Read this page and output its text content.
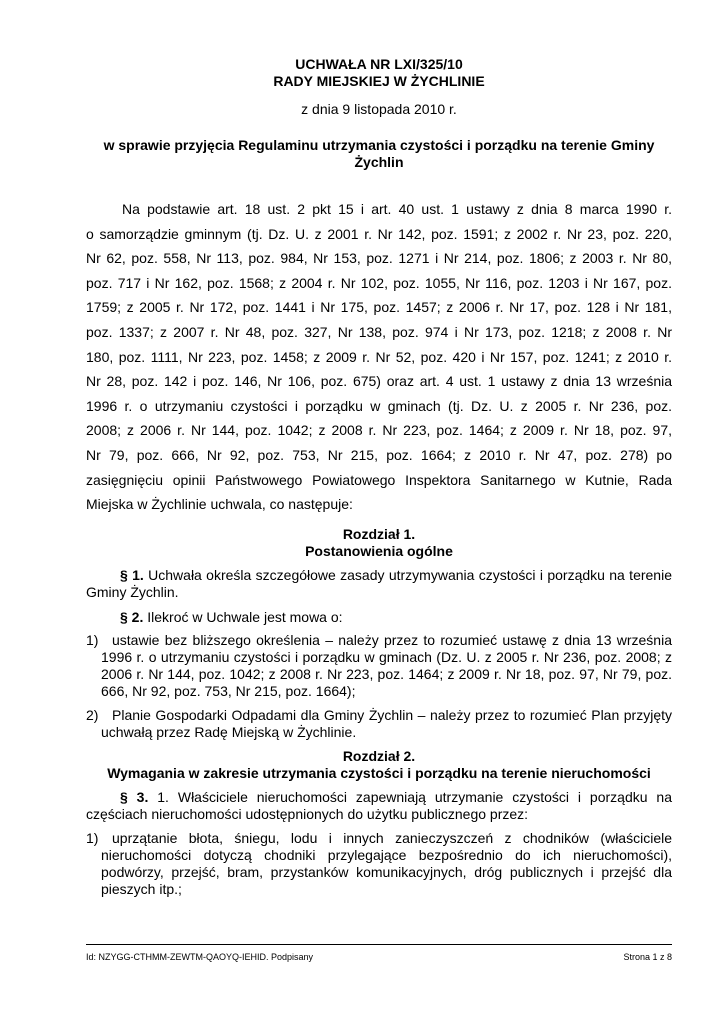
UCHWAŁA NR LXI/325/10
RADY MIEJSKIEJ W ŻYCHLINIE
z dnia 9 listopada 2010 r.
w sprawie przyjęcia Regulaminu utrzymania czystości i porządku na terenie Gminy
Żychlin
Na podstawie art. 18 ust. 2 pkt 15 i art. 40 ust. 1 ustawy z dnia 8 marca 1990 r.
o samorządzie gminnym (tj. Dz. U. z 2001 r. Nr 142, poz. 1591; z 2002 r. Nr 23, poz. 220,
Nr 62, poz. 558, Nr 113, poz. 984, Nr 153, poz. 1271 i Nr 214, poz. 1806; z 2003 r. Nr 80,
poz. 717 i Nr 162, poz. 1568; z 2004 r. Nr 102, poz. 1055, Nr 116, poz. 1203 i Nr 167, poz.
1759; z 2005 r. Nr 172, poz. 1441 i Nr 175, poz. 1457; z 2006 r. Nr 17, poz. 128 i Nr 181,
poz. 1337; z 2007 r. Nr 48, poz. 327, Nr 138, poz. 974 i Nr 173, poz. 1218; z 2008 r. Nr
180, poz. 1111, Nr 223, poz. 1458; z 2009 r. Nr 52, poz. 420 i Nr 157, poz. 1241; z 2010 r.
Nr 28, poz. 142 i poz. 146, Nr 106, poz. 675) oraz art. 4 ust. 1 ustawy z dnia 13 września
1996 r. o utrzymaniu czystości i porządku w gminach (tj. Dz. U. z 2005 r. Nr 236, poz.
2008; z 2006 r. Nr 144, poz. 1042; z 2008 r. Nr 223, poz. 1464; z 2009 r. Nr 18, poz. 97,
Nr 79, poz. 666, Nr 92, poz. 753, Nr 215, poz. 1664; z 2010 r. Nr 47, poz. 278) po
zasięgnięciu opinii Państwowego Powiatowego Inspektora Sanitarnego w Kutnie, Rada
Miejska w Żychlinie uchwala, co następuje:
Rozdział 1.
Postanowienia ogólne
§ 1. Uchwała określa szczegółowe zasady utrzymywania czystości i porządku na terenie Gminy Żychlin.
§ 2. Ilekroć w Uchwale jest mowa o:
1) ustawie bez bliższego określenia – należy przez to rozumieć ustawę z dnia 13 września 1996 r. o utrzymaniu czystości i porządku w gminach (Dz. U. z 2005 r. Nr 236, poz. 2008; z 2006 r. Nr 144, poz. 1042; z 2008 r. Nr 223, poz. 1464; z 2009 r. Nr 18, poz. 97, Nr 79, poz. 666, Nr 92, poz. 753, Nr 215, poz. 1664);
2) Planie Gospodarki Odpadami dla Gminy Żychlin – należy przez to rozumieć Plan przyjęty uchwałą przez Radę Miejską w Żychlinie.
Rozdział 2.
Wymagania w zakresie utrzymania czystości i porządku na terenie nieruchomości
§ 3. 1. Właściciele nieruchomości zapewniają utrzymanie czystości i porządku na częściach nieruchomości udostępnionych do użytku publicznego przez:
1) uprzątanie błota, śniegu, lodu i innych zanieczyszczeń z chodników (właściciele nieruchomości dotyczą chodniki przylegające bezpośrednio do ich nieruchomości), podwórzy, przejść, bram, przystanków komunikacyjnych, dróg publicznych i przejść dla pieszych itp.;
Id: NZYGG-CTHMM-ZEWTM-QAOYQ-IEHID. Podpisany	Strona 1 z 8
